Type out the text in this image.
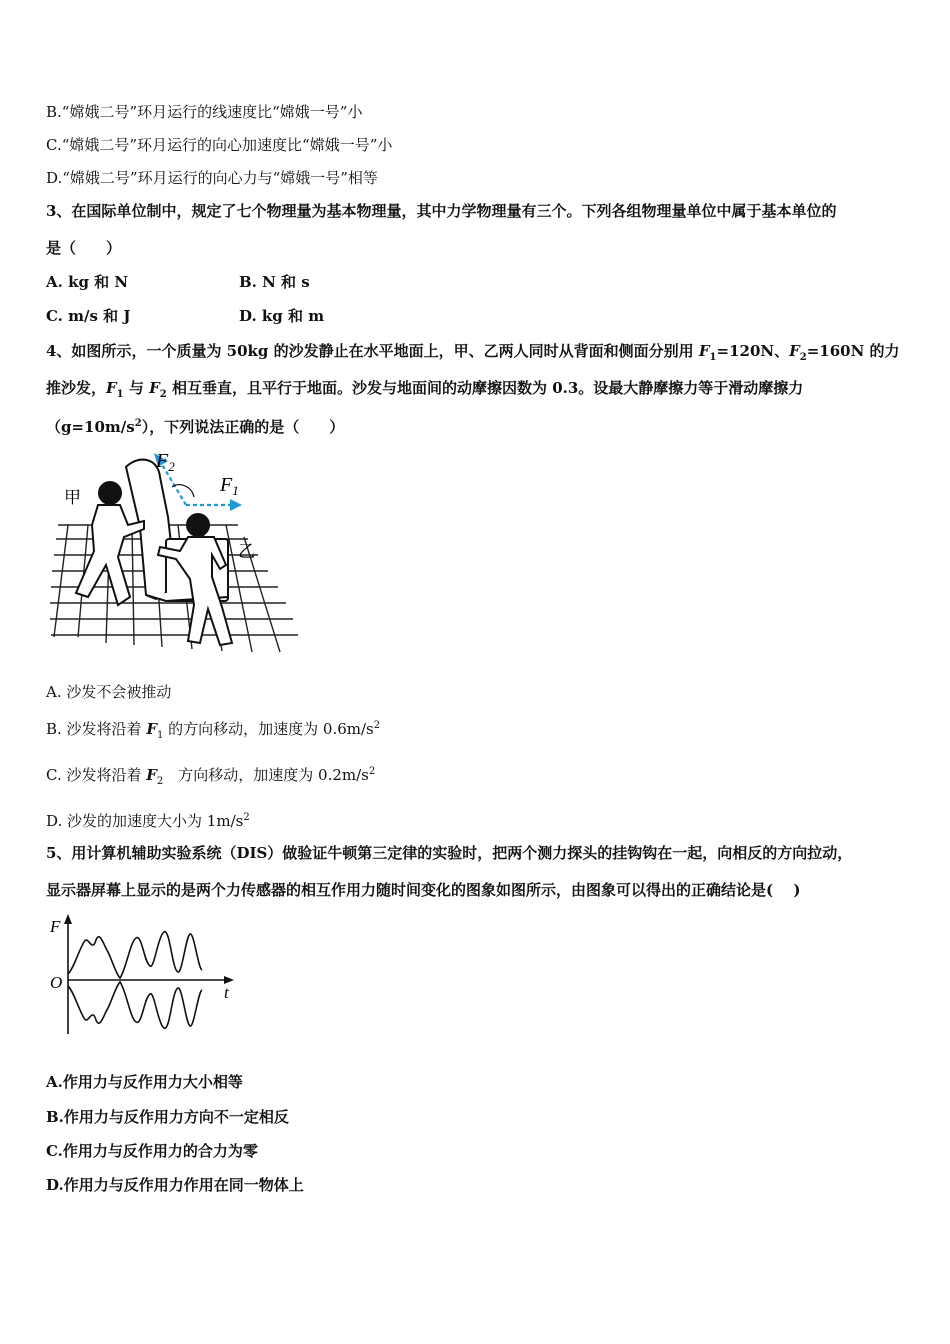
B.“嫦娥二号”环月运行的线速度比“嫦娥一号”小
C.“嫦娥二号”环月运行的向心加速度比“嫦娥一号”小
D.“嫦娥二号”环月运行的向心力与“嫦娥一号”相等
3、在国际单位制中，规定了七个物理量为基本物理量，其中力学物理量有三个。下列各组物理量单位中属于基本单位的
是（　　）
A. kg 和 N	B. N 和 s
C. m/s 和 J	D. kg 和 m
4、如图所示，一个质量为 50kg 的沙发静止在水平地面上，甲、乙两人同时从背面和侧面分别用 $F_1=120N$、$F_2=160N$ 的力
推沙发，$F_1$ 与 $F_2$ 相互垂直，且平行于地面。沙发与地面间的动摩擦因数为 0.3。设最大静摩擦力等于滑动摩擦力
$(g=10m/s^2)$，下列说法正确的是（　　）
$F_2$
$F_1$
甲
乙
A. 沙发不会被推动
B. 沙发将沿着 $F_1$ 的方向移动，加速度为 $0.6m/s^2$
C. 沙发将沿着 $F_2$　方向移动，加速度为 $0.2m/s^2$
D. 沙发的加速度大小为 $1m/s^2$
5、用计算机辅助实验系统（DIS）做验证牛顿第三定律的实验时，把两个测力探头的挂钩钩在一起，向相反的方向拉动，
显示器屏幕上显示的是两个力传感器的相互作用力随时间变化的图象如图所示，由图象可以得出的正确结论是(　 )
F
O
t
A.作用力与反作用力大小相等
B.作用力与反作用力方向不一定相反
C.作用力与反作用力的合力为零
D.作用力与反作用力作用在同一物体上
